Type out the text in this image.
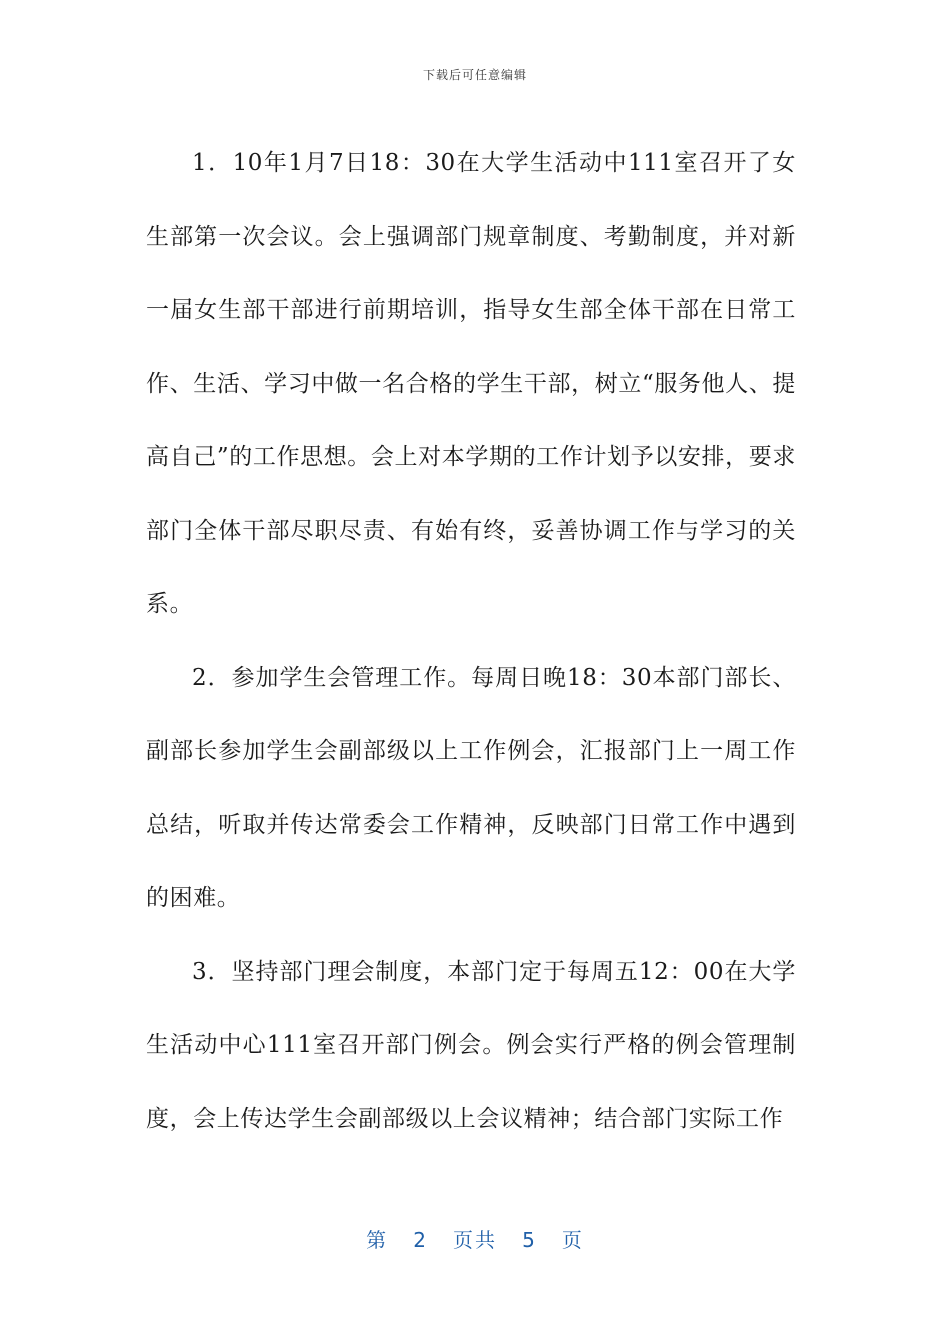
下载后可任意编辑

1．10年1月7日18：30在大学生活动中111室召开了女生部第一次会议。会上强调部门规章制度、考勤制度，并对新一届女生部干部进行前期培训，指导女生部全体干部在日常工作、生活、学习中做一名合格的学生干部，树立“服务他人、提高自己”的工作思想。会上对本学期的工作计划予以安排，要求部门全体干部尽职尽责、有始有终，妥善协调工作与学习的关系。

2．参加学生会管理工作。每周日晚18：30本部门部长、副部长参加学生会副部级以上工作例会，汇报部门上一周工作总结，听取并传达常委会工作精神，反映部门日常工作中遇到的困难。

3．坚持部门理会制度，本部门定于每周五12：00在大学生活动中心111室召开部门例会。例会实行严格的例会管理制度，会上传达学生会副部级以上会议精神；结合部门实际工作

第 2 页共 5 页
